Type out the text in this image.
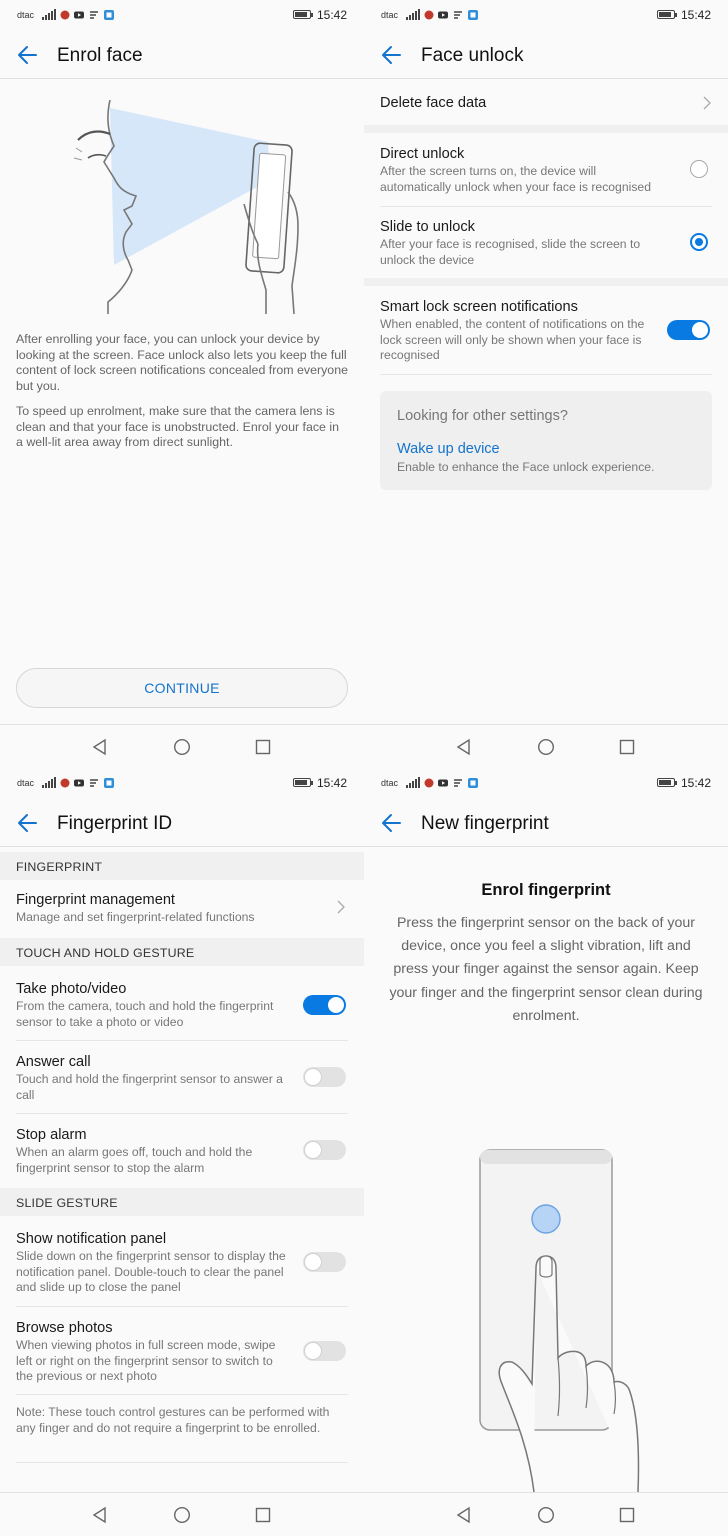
dtac	15:42
Enrol face
After enrolling your face, you can unlock your device by looking at the screen. Face unlock also lets you keep the full content of lock screen notifications concealed from everyone but you.
To speed up enrolment, make sure that the camera lens is clean and that your face is unobstructed. Enrol your face in a well-lit area away from direct sunlight.
CONTINUE
dtac	15:42
Face unlock
Delete face data
Direct unlock
After the screen turns on, the device will automatically unlock when your face is recognised
Slide to unlock
After your face is recognised, slide the screen to unlock the device
Smart lock screen notifications
When enabled, the content of notifications on the lock screen will only be shown when your face is recognised
Looking for other settings?
Wake up device
Enable to enhance the Face unlock experience.
dtac	15:42
Fingerprint ID
FINGERPRINT
Fingerprint management
Manage and set fingerprint-related functions
TOUCH AND HOLD GESTURE
Take photo/video
From the camera, touch and hold the fingerprint sensor to take a photo or video
Answer call
Touch and hold the fingerprint sensor to answer a call
Stop alarm
When an alarm goes off, touch and hold the fingerprint sensor to stop the alarm
SLIDE GESTURE
Show notification panel
Slide down on the fingerprint sensor to display the notification panel. Double-touch to clear the panel and slide up to close the panel
Browse photos
When viewing photos in full screen mode, swipe left or right on the fingerprint sensor to switch to the previous or next photo
Note: These touch control gestures can be performed with any finger and do not require a fingerprint to be enrolled.
dtac	15:42
New fingerprint
Enrol fingerprint
Press the fingerprint sensor on the back of your device, once you feel a slight vibration, lift and press your finger against the sensor again. Keep your finger and the fingerprint sensor clean during enrolment.
